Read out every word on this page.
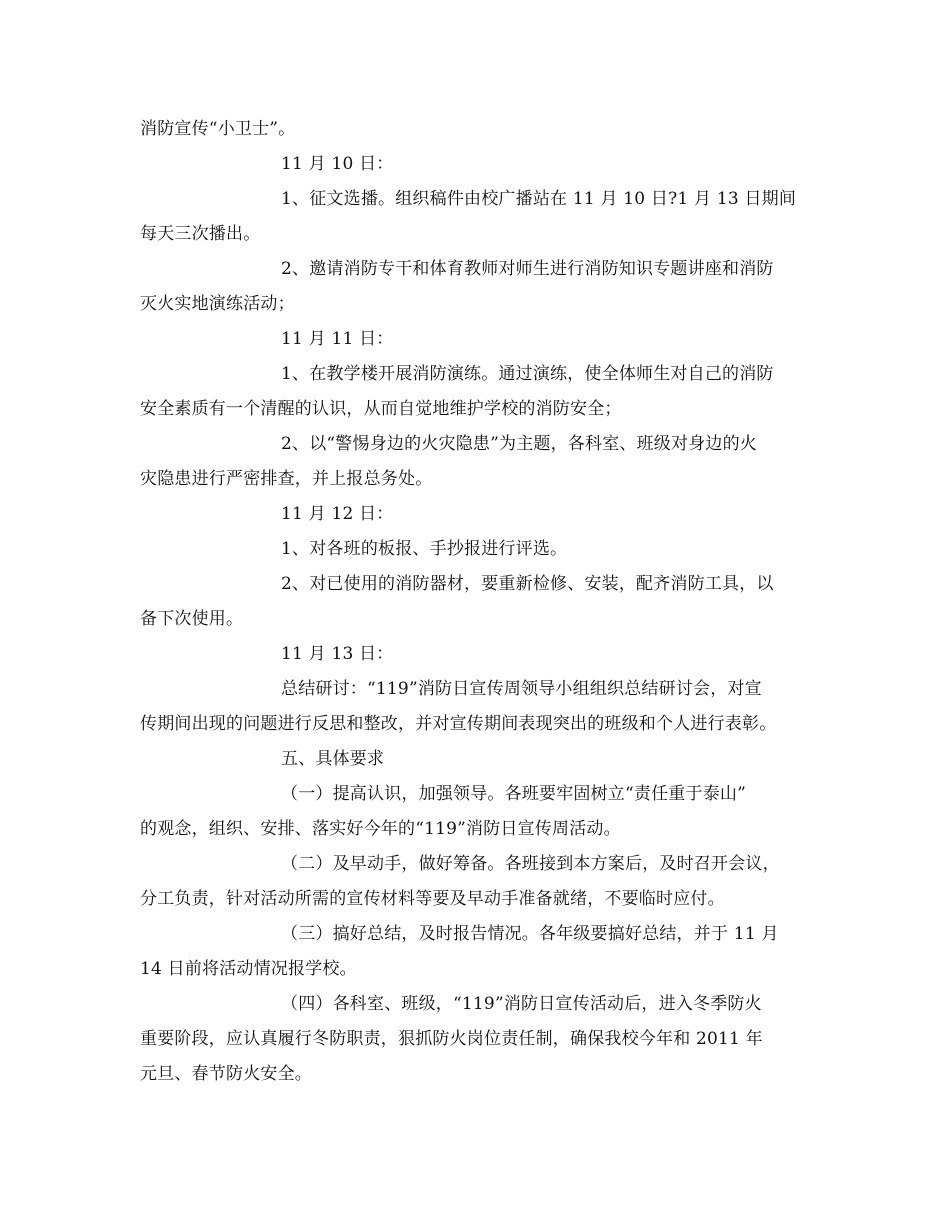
消防宣传“小卫士”。
11 月 10 日：
1、征文选播。组织稿件由校广播站在 11 月 10 日?1 月 13 日期间
每天三次播出。
2、邀请消防专干和体育教师对师生进行消防知识专题讲座和消防
灭火实地演练活动；
11 月 11 日：
1、在教学楼开展消防演练。通过演练，使全体师生对自己的消防
安全素质有一个清醒的认识，从而自觉地维护学校的消防安全；
2、以“警惕身边的火灾隐患”为主题，各科室、班级对身边的火
灾隐患进行严密排查，并上报总务处。
11 月 12 日：
1、对各班的板报、手抄报进行评选。
2、对已使用的消防器材，要重新检修、安装，配齐消防工具，以
备下次使用。
11 月 13 日：
总结研讨：“119”消防日宣传周领导小组组织总结研讨会，对宣
传期间出现的问题进行反思和整改，并对宣传期间表现突出的班级和个人进行表彰。
五、具体要求
（一）提高认识，加强领导。各班要牢固树立“责任重于泰山”
的观念，组织、安排、落实好今年的“119”消防日宣传周活动。
（二）及早动手，做好筹备。各班接到本方案后，及时召开会议，
分工负责，针对活动所需的宣传材料等要及早动手准备就绪，不要临时应付。
（三）搞好总结，及时报告情况。各年级要搞好总结，并于 11 月
14 日前将活动情况报学校。
（四）各科室、班级，“119”消防日宣传活动后，进入冬季防火
重要阶段，应认真履行冬防职责，狠抓防火岗位责任制，确保我校今年和 2011 年
元旦、春节防火安全。
